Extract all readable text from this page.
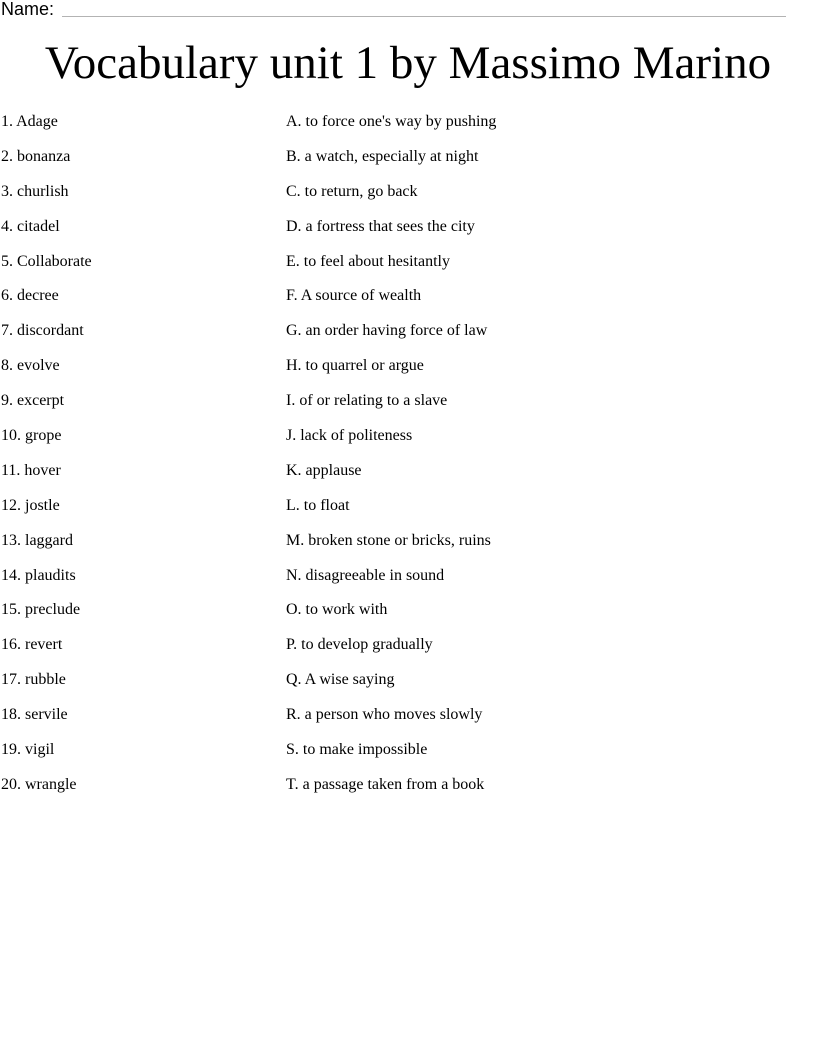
Name:
Vocabulary unit 1 by Massimo Marino
1. Adage
2. bonanza
3. churlish
4. citadel
5. Collaborate
6. decree
7. discordant
8. evolve
9. excerpt
10. grope
11. hover
12. jostle
13. laggard
14. plaudits
15. preclude
16. revert
17. rubble
18. servile
19. vigil
20. wrangle
A. to force one's way by pushing
B. a watch, especially at night
C. to return, go back
D. a fortress that sees the city
E. to feel about hesitantly
F. A source of wealth
G. an order having force of law
H. to quarrel or argue
I. of or relating to a slave
J. lack of politeness
K. applause
L. to float
M. broken stone or bricks, ruins
N. disagreeable in sound
O. to work with
P. to develop gradually
Q. A wise saying
R. a person who moves slowly
S. to make impossible
T. a passage taken from a book
